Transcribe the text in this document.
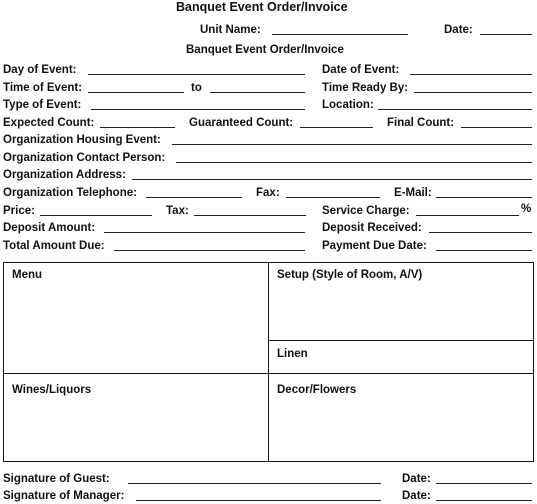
Banquet Event Order/Invoice
Unit Name:	Date:
Banquet Event Order/Invoice
Day of Event:	Date of Event:
Time of Event:	to	Time Ready By:
Type of Event:	Location:
Expected Count:	Guaranteed Count:	Final Count:
Organization Housing Event:
Organization Contact Person:
Organization Address:
Organization Telephone:	Fax:	E-Mail:
Price:	Tax:	Service Charge:	%
Deposit Amount:	Deposit Received:
Total Amount Due:	Payment Due Date:
Menu	Setup (Style of Room, A/V)
Linen
Wines/Liquors	Decor/Flowers
Signature of Guest:	Date:
Signature of Manager:	Date:
